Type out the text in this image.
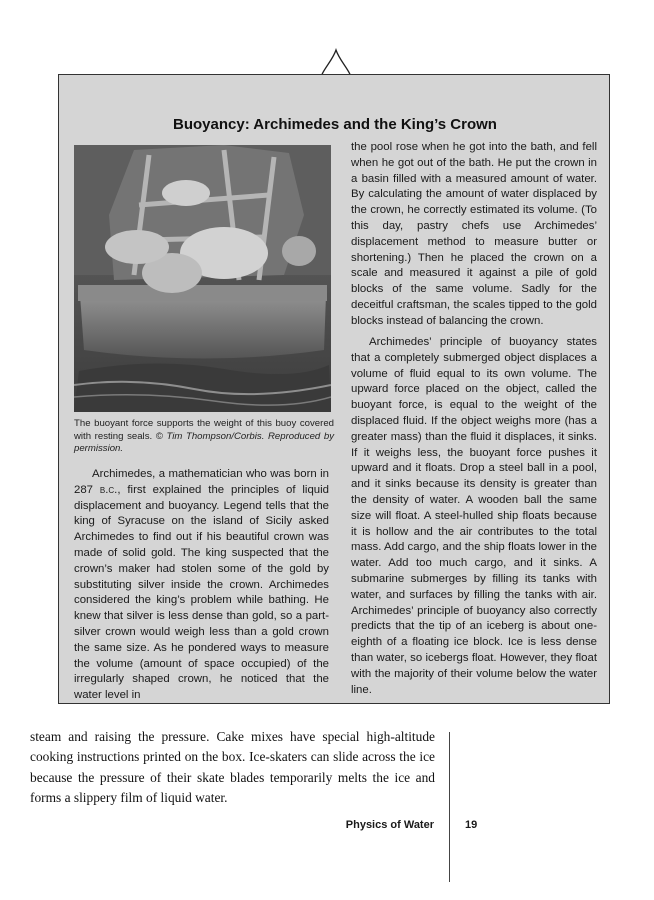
Buoyancy: Archimedes and the King’s Crown
The buoyant force supports the weight of this buoy covered with resting seals. © Tim Thompson/Corbis. Reproduced by permission.

Archimedes, a mathematician who was born in 287 b.c., first explained the principles of liquid displacement and buoyancy. Legend tells that the king of Syracuse on the island of Sicily asked Archimedes to find out if his beautiful crown was made of solid gold. The king suspected that the crown’s maker had stolen some of the gold by substituting silver inside the crown. Archimedes considered the king’s problem while bathing. He knew that silver is less dense than gold, so a part-silver crown would weigh less than a gold crown the same size. As he pondered ways to measure the volume (amount of space occupied) of the irregularly shaped crown, he noticed that the water level in

the pool rose when he got into the bath, and fell when he got out of the bath. He put the crown in a basin filled with a measured amount of water. By calculating the amount of water displaced by the crown, he correctly estimated its volume. (To this day, pastry chefs use Archimedes’ displacement method to measure butter or shortening.) Then he placed the crown on a scale and measured it against a pile of gold blocks of the same volume. Sadly for the deceitful craftsman, the scales tipped to the gold blocks instead of balancing the crown.

Archimedes’ principle of buoyancy states that a completely submerged object displaces a volume of fluid equal to its own volume. The upward force placed on the object, called the buoyant force, is equal to the weight of the displaced fluid. If the object weighs more (has a greater mass) than the fluid it displaces, it sinks. If it weighs less, the buoyant force pushes it upward and it floats. Drop a steel ball in a pool, and it sinks because its density is greater than the density of water. A wooden ball the same size will float. A steel-hulled ship floats because it is hollow and the air contributes to the total mass. Add cargo, and the ship floats lower in the water. Add too much cargo, and it sinks. A submarine submerges by filling its tanks with water, and surfaces by filling the tanks with air. Archimedes’ principle of buoyancy also correctly predicts that the tip of an iceberg is about one-eighth of a floating ice block. Ice is less dense than water, so icebergs float. However, they float with the majority of their volume below the water line.

steam and raising the pressure. Cake mixes have special high-altitude cooking instructions printed on the box. Ice-skaters can slide across the ice because the pressure of their skate blades temporarily melts the ice and forms a slippery film of liquid water.

Physics of Water	19
